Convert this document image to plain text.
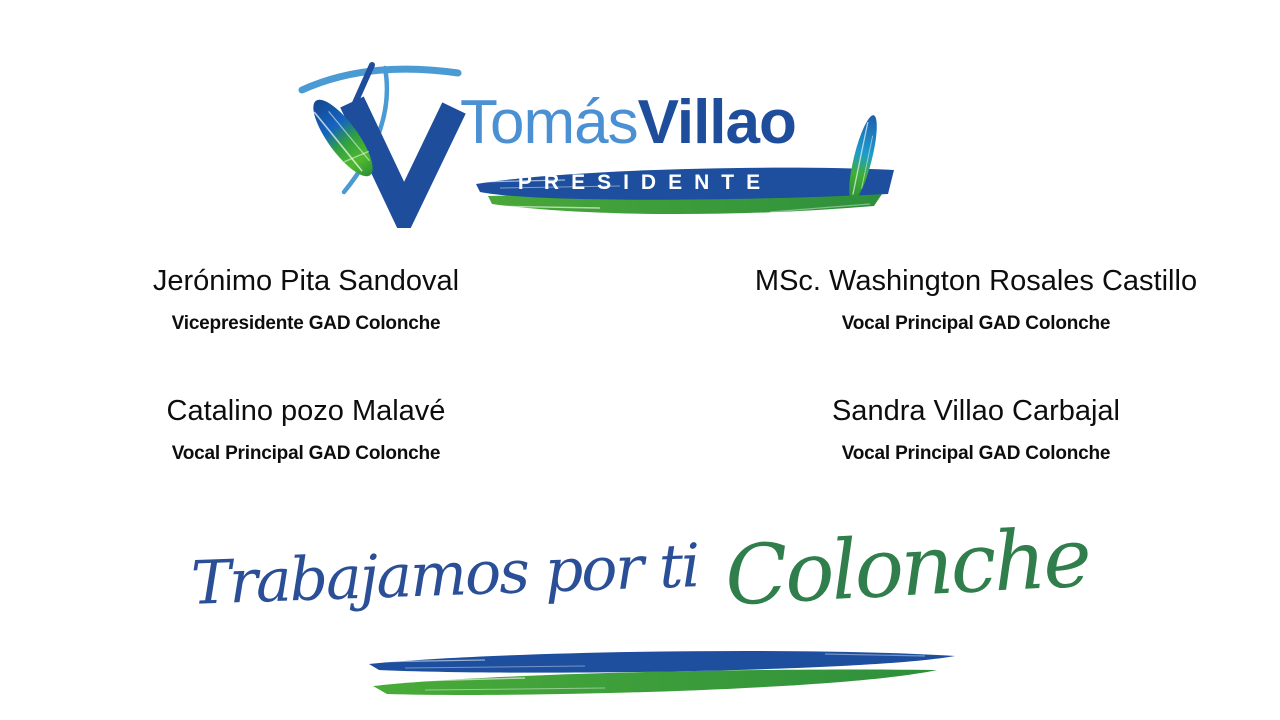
TomásVillao
PRESIDENTE
Jerónimo Pita Sandoval
Vicepresidente GAD Colonche
MSc. Washington Rosales Castillo
Vocal Principal GAD Colonche
Catalino pozo Malavé
Vocal Principal GAD Colonche
Sandra Villao Carbajal
Vocal Principal GAD Colonche
Trabajamos por ti Colonche
